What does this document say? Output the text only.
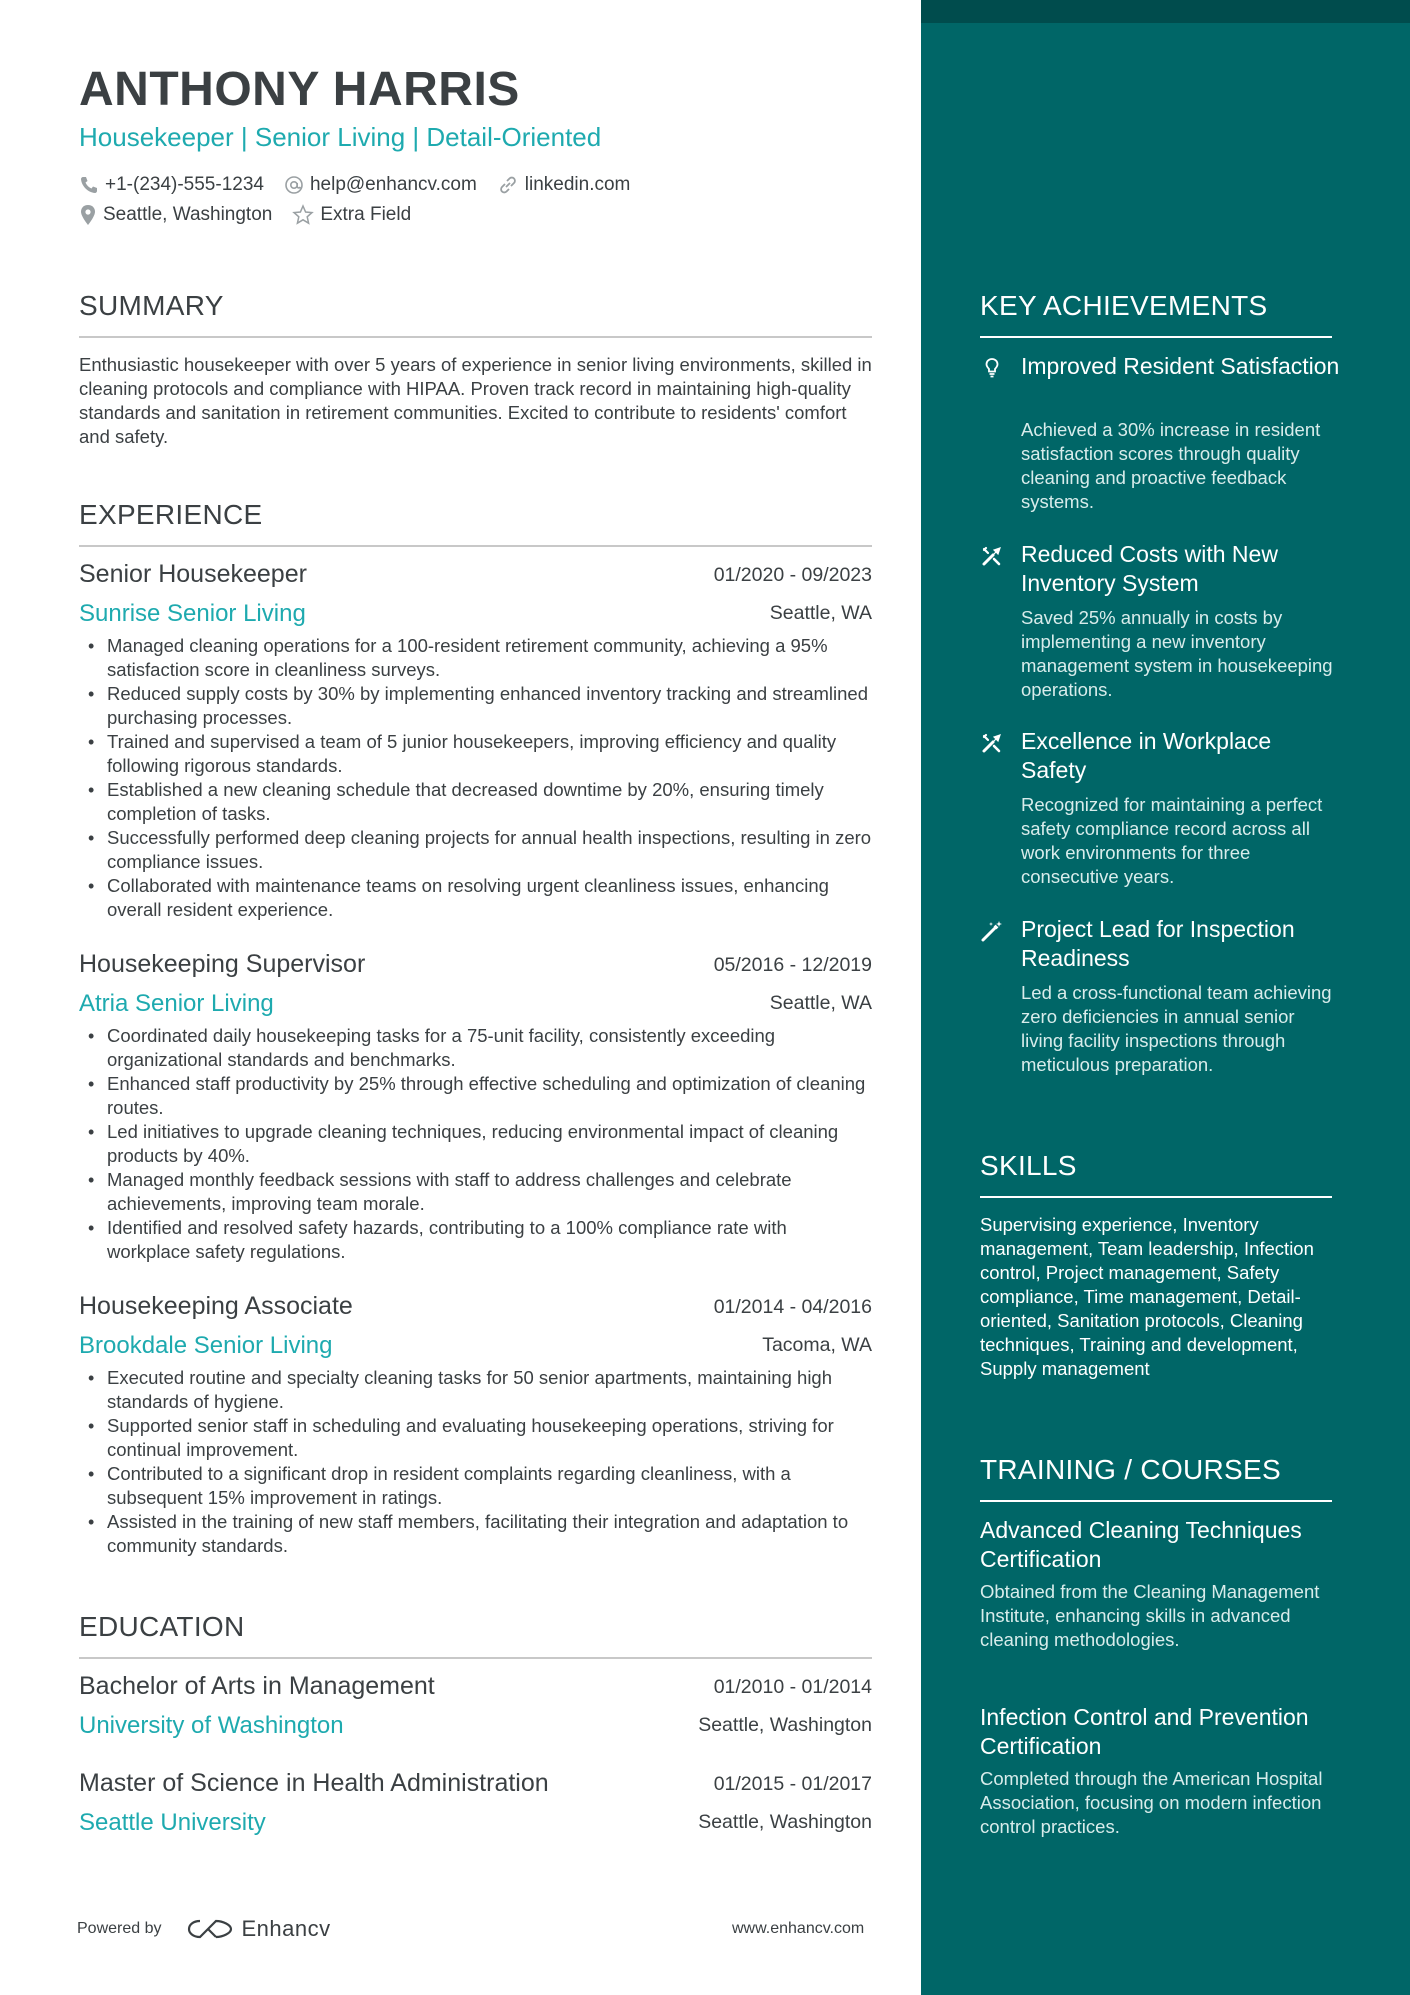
ANTHONY HARRIS
Housekeeper | Senior Living | Detail-Oriented
+1-(234)-555-1234 help@enhancv.com	linkedin.com
Seattle, Washington	Extra Field
SUMMARY
Enthusiastic housekeeper with over 5 years of experience in senior living environments, skilled in cleaning protocols and compliance with HIPAA. Proven track record in maintaining high-quality standards and sanitation in retirement communities. Excited to contribute to residents' comfort and safety.
EXPERIENCE
Senior Housekeeper	01/2020 - 09/2023
Sunrise Senior Living	Seattle, WA
• Managed cleaning operations for a 100-resident retirement community, achieving a 95% satisfaction score in cleanliness surveys.
• Reduced supply costs by 30% by implementing enhanced inventory tracking and streamlined purchasing processes.
• Trained and supervised a team of 5 junior housekeepers, improving efficiency and quality following rigorous standards.
• Established a new cleaning schedule that decreased downtime by 20%, ensuring timely completion of tasks.
• Successfully performed deep cleaning projects for annual health inspections, resulting in zero compliance issues.
• Collaborated with maintenance teams on resolving urgent cleanliness issues, enhancing overall resident experience.
Housekeeping Supervisor	05/2016 - 12/2019
Atria Senior Living	Seattle, WA
• Coordinated daily housekeeping tasks for a 75-unit facility, consistently exceeding organizational standards and benchmarks.
• Enhanced staff productivity by 25% through effective scheduling and optimization of cleaning routes.
• Led initiatives to upgrade cleaning techniques, reducing environmental impact of cleaning products by 40%.
• Managed monthly feedback sessions with staff to address challenges and celebrate achievements, improving team morale.
• Identified and resolved safety hazards, contributing to a 100% compliance rate with workplace safety regulations.
Housekeeping Associate	01/2014 - 04/2016
Brookdale Senior Living	Tacoma, WA
• Executed routine and specialty cleaning tasks for 50 senior apartments, maintaining high standards of hygiene.
• Supported senior staff in scheduling and evaluating housekeeping operations, striving for continual improvement.
• Contributed to a significant drop in resident complaints regarding cleanliness, with a subsequent 15% improvement in ratings.
• Assisted in the training of new staff members, facilitating their integration and adaptation to community standards.
EDUCATION
Bachelor of Arts in Management	01/2010 - 01/2014
University of Washington	Seattle, Washington
Master of Science in Health Administration	01/2015 - 01/2017
Seattle University	Seattle, Washington
Powered by	Enhancv	www.enhancv.com
KEY ACHIEVEMENTS
Improved Resident Satisfaction
Achieved a 30% increase in resident satisfaction scores through quality cleaning and proactive feedback systems.
Reduced Costs with New Inventory System
Saved 25% annually in costs by implementing a new inventory management system in housekeeping operations.
Excellence in Workplace Safety
Recognized for maintaining a perfect safety compliance record across all work environments for three consecutive years.
Project Lead for Inspection Readiness
Led a cross-functional team achieving zero deficiencies in annual senior living facility inspections through meticulous preparation.
SKILLS
Supervising experience, Inventory management, Team leadership, Infection control, Project management, Safety compliance, Time management, Detail-oriented, Sanitation protocols, Cleaning techniques, Training and development, Supply management
TRAINING / COURSES
Advanced Cleaning Techniques Certification
Obtained from the Cleaning Management Institute, enhancing skills in advanced cleaning methodologies.
Infection Control and Prevention Certification
Completed through the American Hospital Association, focusing on modern infection control practices.
